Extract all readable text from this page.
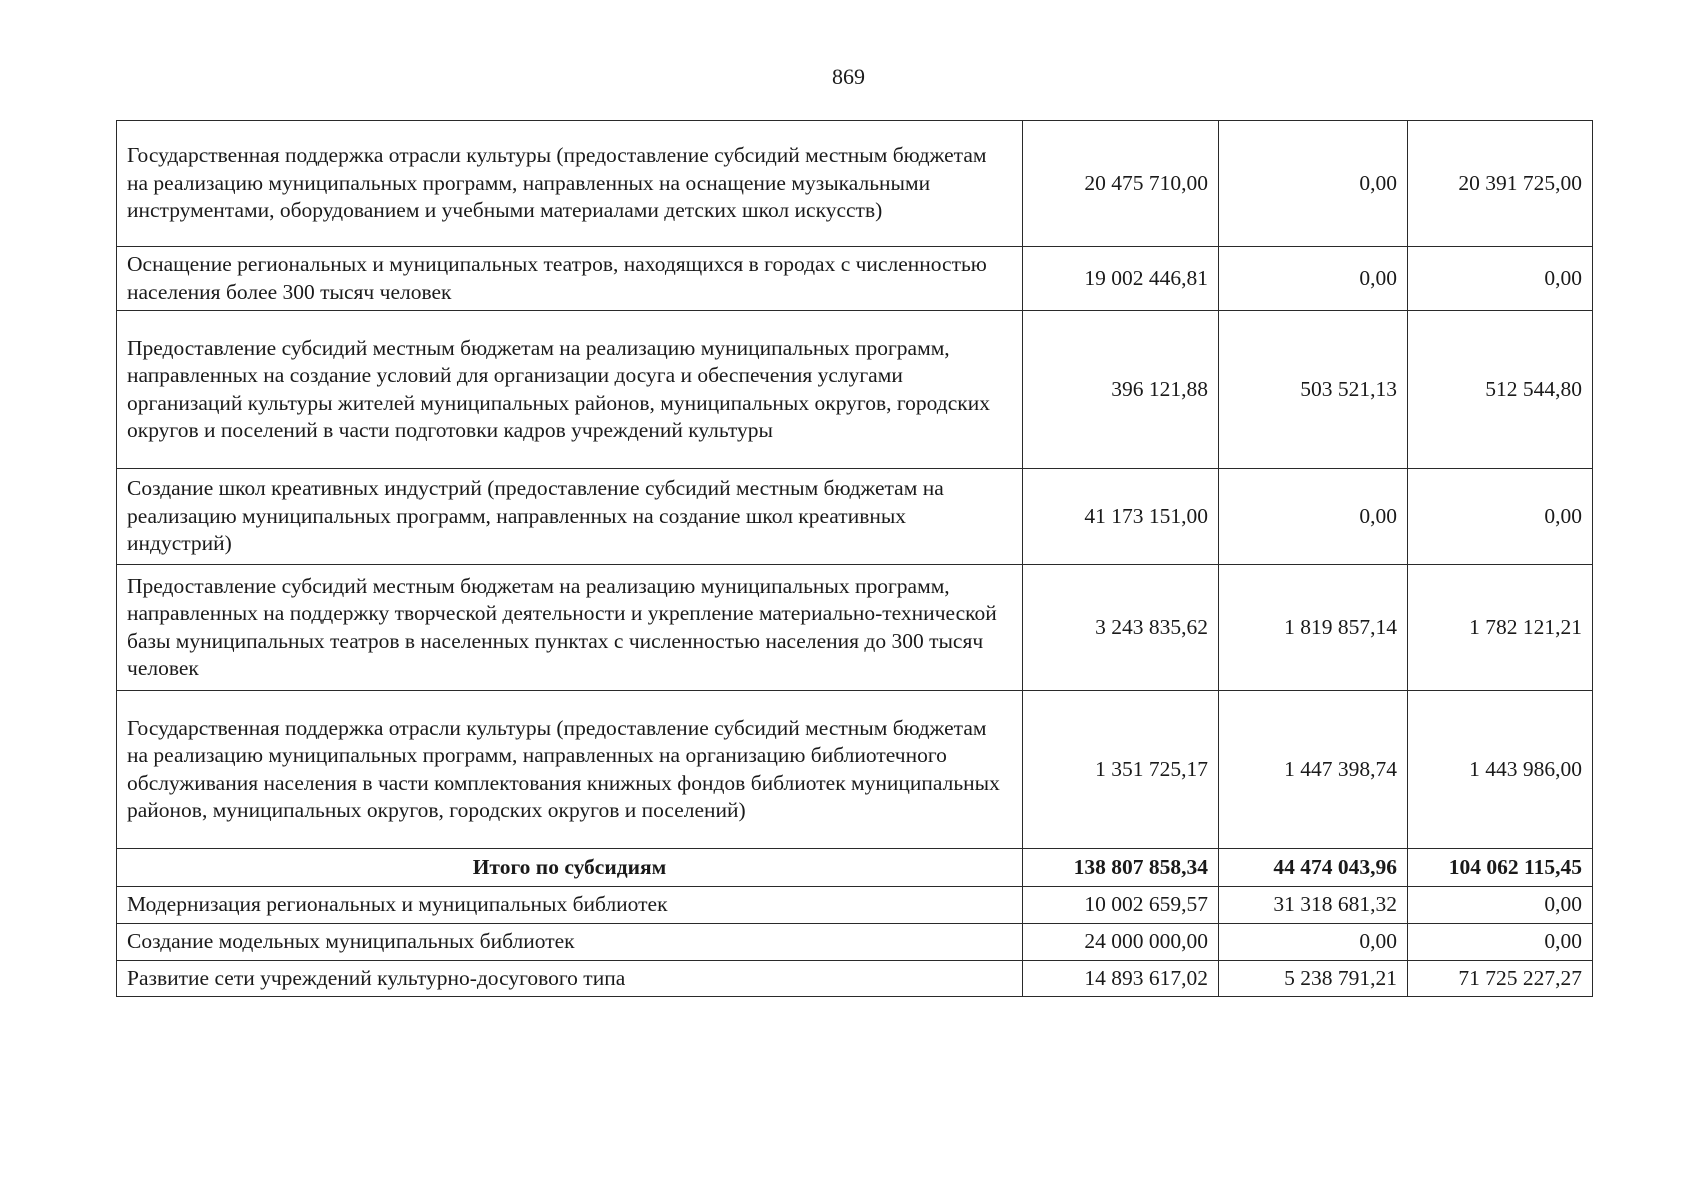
869
Государственная поддержка отрасли культуры (предоставление субсидий местным бюджетам на реализацию муниципальных программ, направленных на оснащение музыкальными инструментами, оборудованием и учебными материалами детских школ искусств)	20 475 710,00	0,00	20 391 725,00
Оснащение региональных и муниципальных театров, находящихся в городах с численностью населения более 300 тысяч человек	19 002 446,81	0,00	0,00
Предоставление субсидий местным бюджетам на реализацию муниципальных программ, направленных на создание условий для организации досуга и обеспечения услугами организаций культуры жителей муниципальных районов, муниципальных округов, городских округов и поселений в части подготовки кадров учреждений культуры	396 121,88	503 521,13	512 544,80
Создание школ креативных индустрий (предоставление субсидий местным бюджетам на реализацию муниципальных программ, направленных на создание школ креативных индустрий)	41 173 151,00	0,00	0,00
Предоставление субсидий местным бюджетам на реализацию муниципальных программ, направленных на поддержку творческой деятельности и укрепление материально-технической базы муниципальных театров в населенных пунктах с численностью населения до 300 тысяч человек	3 243 835,62	1 819 857,14	1 782 121,21
Государственная поддержка отрасли культуры (предоставление субсидий местным бюджетам на реализацию муниципальных программ, направленных на организацию библиотечного обслуживания населения в части комплектования книжных фондов библиотек муниципальных районов, муниципальных округов, городских округов и поселений)	1 351 725,17	1 447 398,74	1 443 986,00
Итого по субсидиям	138 807 858,34	44 474 043,96	104 062 115,45
Модернизация региональных и муниципальных библиотек	10 002 659,57	31 318 681,32	0,00
Создание модельных муниципальных библиотек	24 000 000,00	0,00	0,00
Развитие сети учреждений культурно-досугового типа	14 893 617,02	5 238 791,21	71 725 227,27
